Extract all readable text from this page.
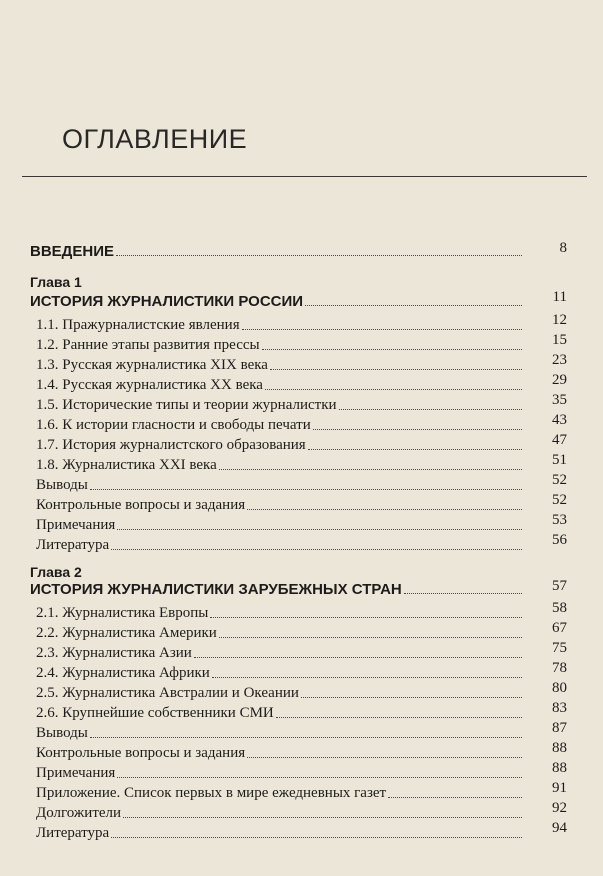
ОГЛАВЛЕНИЕ
ВВЕДЕНИЕ	8
Глава 1
ИСТОРИЯ ЖУРНАЛИСТИКИ РОССИИ	11
1.1. Пражурналистские явления	12
1.2. Ранние этапы развития прессы	15
1.3. Русская журналистика XIX века	23
1.4. Русская журналистика XX века	29
1.5. Исторические типы и теории журналистки	35
1.6. К истории гласности и свободы печати	43
1.7. История журналистского образования	47
1.8. Журналистика XXI века	51
Выводы	52
Контрольные вопросы и задания	52
Примечания	53
Литература	56
Глава 2
ИСТОРИЯ ЖУРНАЛИСТИКИ ЗАРУБЕЖНЫХ СТРАН	57
2.1. Журналистика Европы	58
2.2. Журналистика Америки	67
2.3. Журналистика Азии	75
2.4. Журналистика Африки	78
2.5. Журналистика Австралии и Океании	80
2.6. Крупнейшие собственники СМИ	83
Выводы	87
Контрольные вопросы и задания	88
Примечания	88
Приложение. Список первых в мире ежедневных газет	91
Долгожители	92
Литература	94
